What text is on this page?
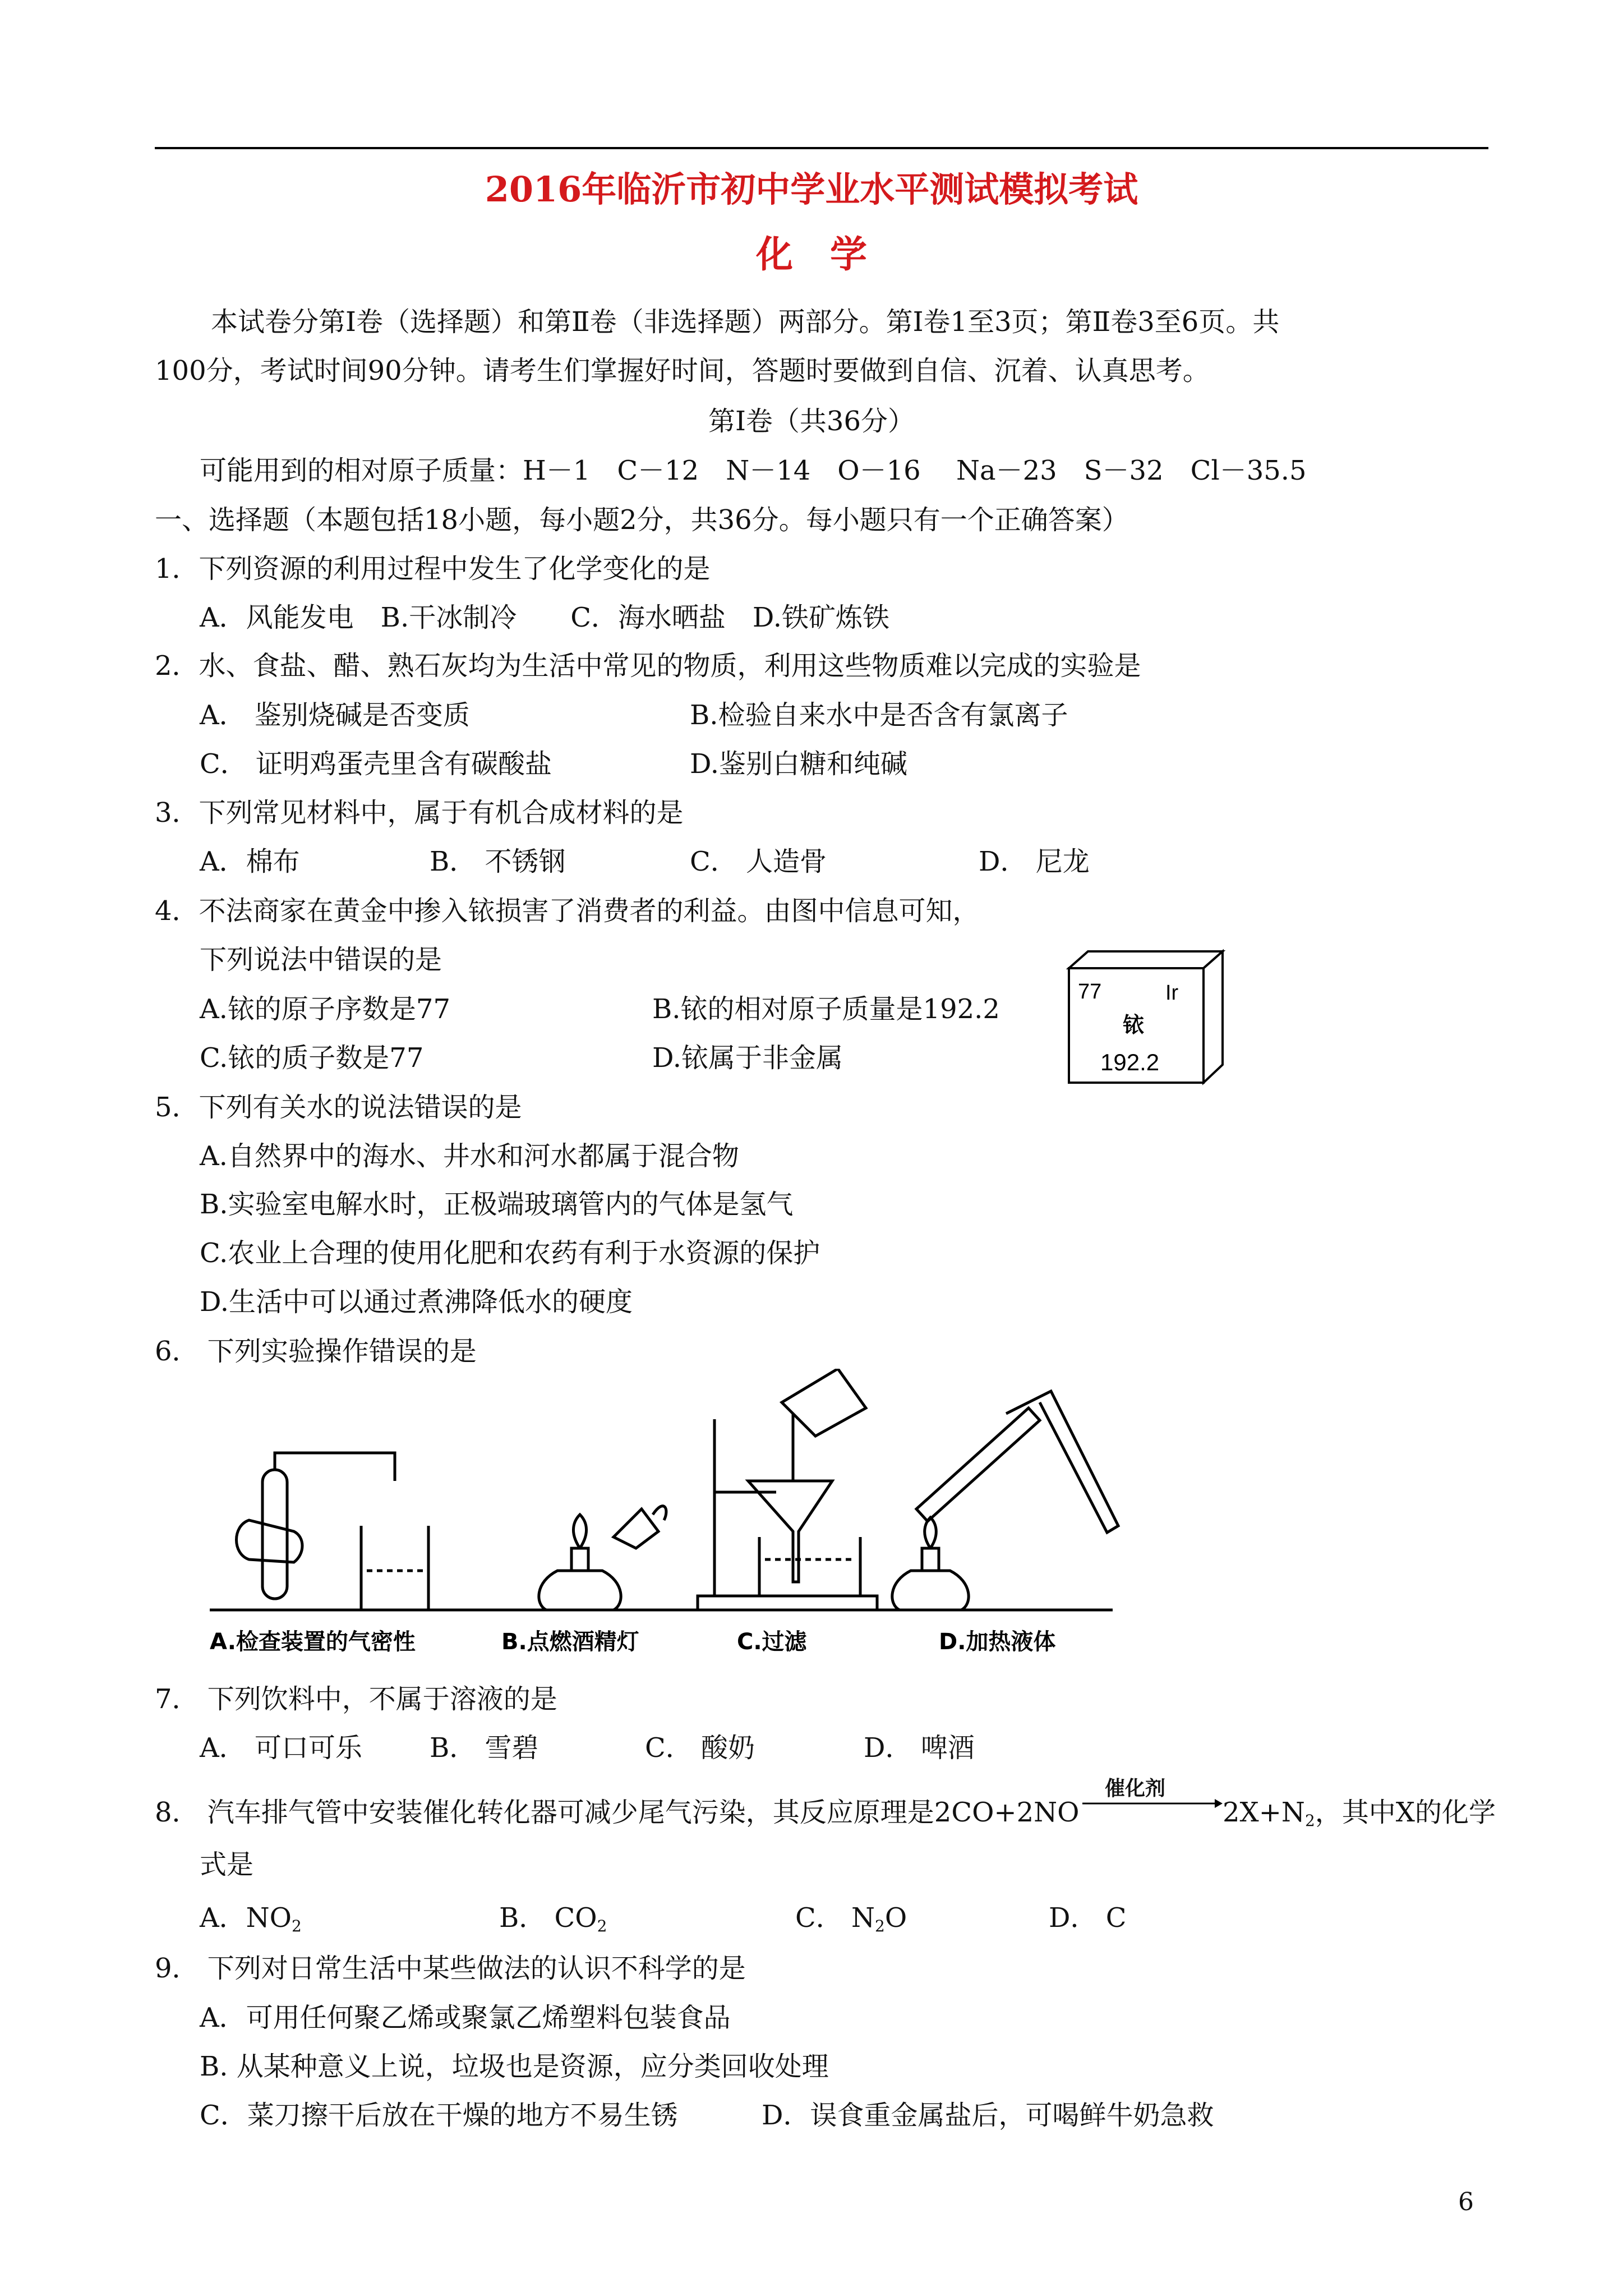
2016年临沂市初中学业水平测试模拟考试
化　学
本试卷分第Ⅰ卷（选择题）和第Ⅱ卷（非选择题）两部分。第Ⅰ卷1至3页；第Ⅱ卷3至6页。共
100分，考试时间90分钟。请考生们掌握好时间，答题时要做到自信、沉着、认真思考。
第Ⅰ卷（共36分）
可能用到的相对原子质量：H－1　C－12　N－14　O－16　 Na－23　S－32　Cl－35.5
一、选择题（本题包括18小题，每小题2分，共36分。每小题只有一个正确答案）
1．下列资源的利用过程中发生了化学变化的是
A．风能发电　B.干冰制冷　　C．海水晒盐　D.铁矿炼铁
2．水、食盐、醋、熟石灰均为生活中常见的物质，利用这些物质难以完成的实验是
A． 鉴别烧碱是否变质	B.检验自来水中是否含有氯离子
C． 证明鸡蛋壳里含有碳酸盐	D.鉴别白糖和纯碱
3．下列常见材料中，属于有机合成材料的是
A．棉布	B． 不锈钢	C． 人造骨	D． 尼龙
4．不法商家在黄金中掺入铱损害了消费者的利益。由图中信息可知，
下列说法中错误的是
A.铱的原子序数是77	B.铱的相对原子质量是192.2
C.铱的质子数是77	D.铱属于非金属
77	Ir
铱
192.2
5．下列有关水的说法错误的是
A.自然界中的海水、井水和河水都属于混合物
B.实验室电解水时，正极端玻璃管内的气体是氢气
C.农业上合理的使用化肥和农药有利于水资源的保护
D.生活中可以通过煮沸降低水的硬度
6． 下列实验操作错误的是
A.检查装置的气密性	B.点燃酒精灯	C.过滤	D.加热液体
7． 下列饮料中，不属于溶液的是
A． 可口可乐	B． 雪碧	C． 酸奶	D． 啤酒
8． 汽车排气管中安装催化转化器可减少尾气污染，其反应原理是2CO+2NO
催化剂
$2X+N_2$，其中X的化学
式是
A．$NO_2$	B． $CO_2$	C． $N_2O$	D． C
9． 下列对日常生活中某些做法的认识不科学的是
A．可用任何聚乙烯或聚氯乙烯塑料包装食品
B. 从某种意义上说，垃圾也是资源，应分类回收处理
C．菜刀擦干后放在干燥的地方不易生锈	D．误食重金属盐后，可喝鲜牛奶急救
6
